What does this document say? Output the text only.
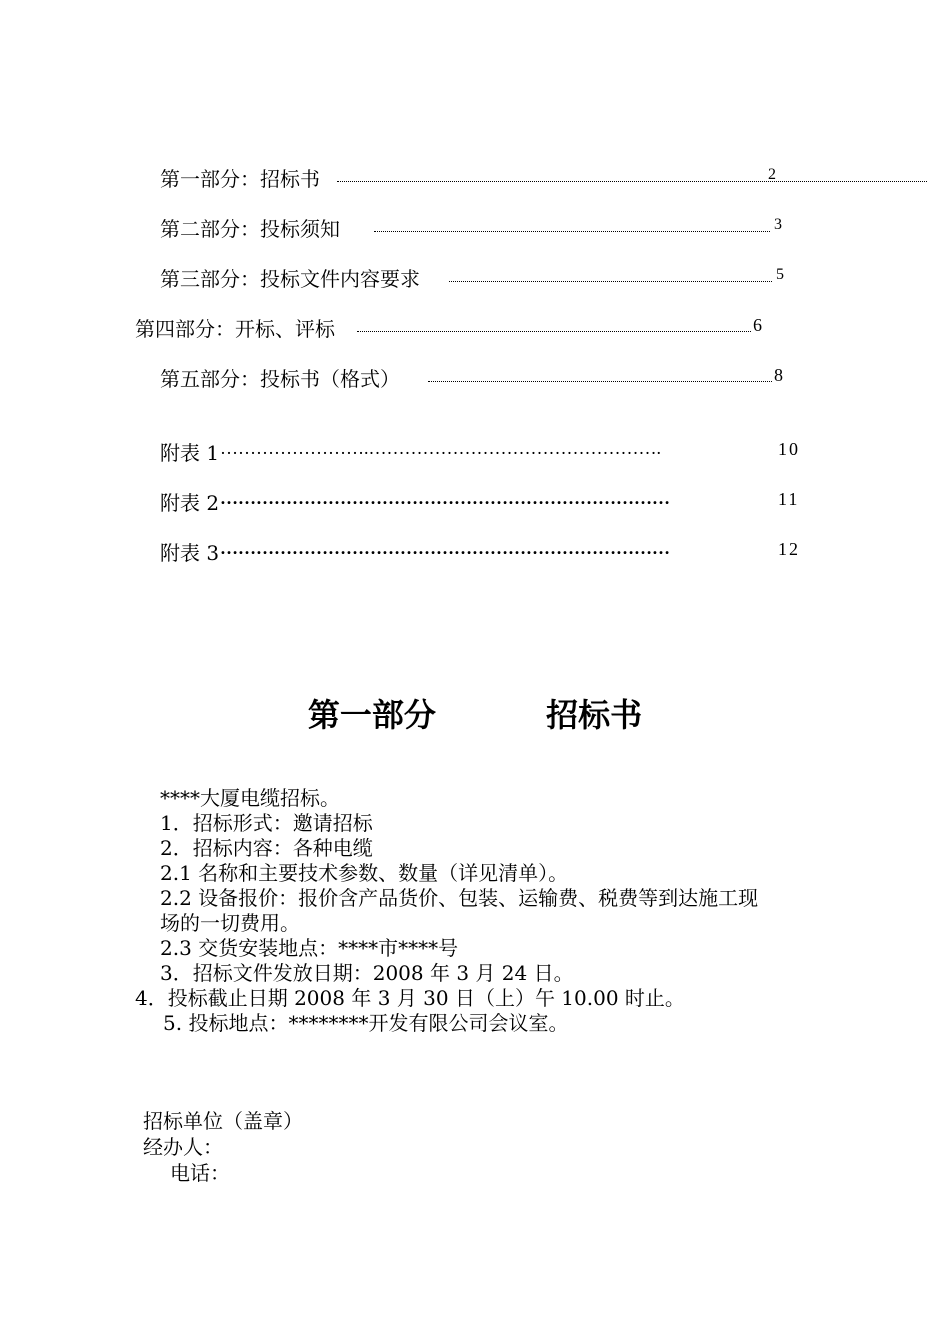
第一部分：招标书	2
第二部分：投标须知	3
第三部分：投标文件内容要求	5
第四部分：开标、评标	6
第五部分：投标书（格式）	8
附表 1 …………………….………………………………………….	10
附表 2 …………………………………………………………………	11
附表 3 …………………………………………………………………	12
第一部分	招标书
****大厦电缆招标。
1．招标形式：邀请招标
2．招标内容：各种电缆
2.1 名称和主要技术参数、数量（详见清单）。
2.2 设备报价：报价含产品货价、包装、运输费、税费等到达施工现
场的一切费用。
2.3 交货安装地点：****市****号
3．招标文件发放日期：2008 年 3 月 24 日。
4．投标截止日期 2008 年 3 月 30 日（上）午 10.00 时止。
5. 投标地点：********开发有限公司会议室。
招标单位（盖章）
经办人：
电话：
